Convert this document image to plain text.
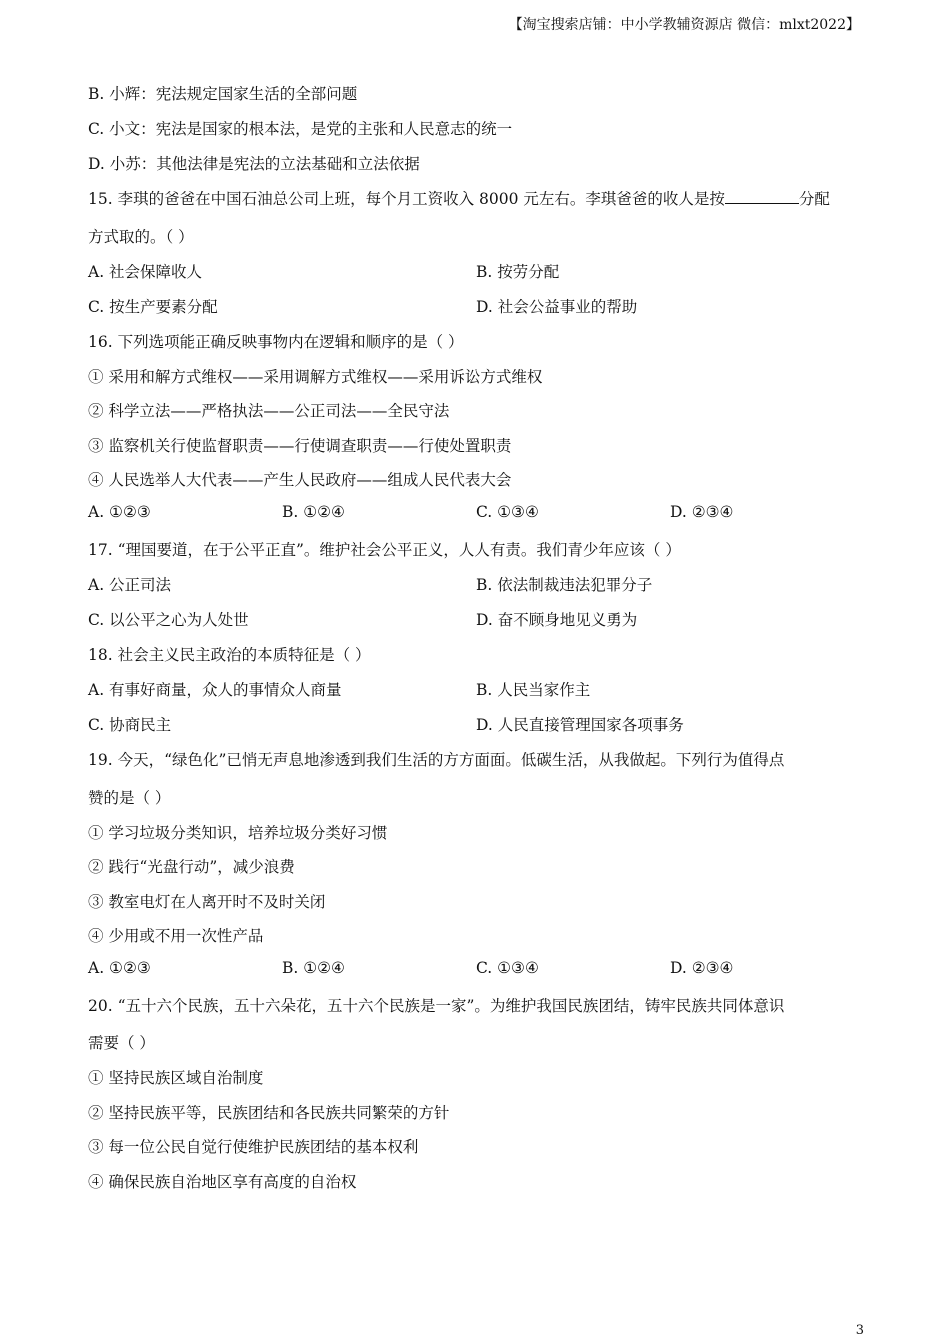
【淘宝搜索店铺：中小学教辅资源店 微信：mlxt2022】
B. 小辉：宪法规定国家生活的全部问题
C. 小文：宪法是国家的根本法，是党的主张和人民意志的统一
D. 小苏：其他法律是宪法的立法基础和立法依据
15. 李琪的爸爸在中国石油总公司上班，每个月工资收入 8000 元左右。李琪爸爸的收人是按	分配
方式取的。（ ）
A. 社会保障收人	B. 按劳分配
C. 按生产要素分配	D. 社会公益事业的帮助
16. 下列选项能正确反映事物内在逻辑和顺序的是（ ）
① 采用和解方式维权——采用调解方式维权——采用诉讼方式维权
② 科学立法——严格执法——公正司法——全民守法
③ 监察机关行使监督职责——行使调查职责——行使处置职责
④ 人民选举人大代表——产生人民政府——组成人民代表大会
A. ①②③	B. ①②④	C. ①③④	D. ②③④
17. “理国要道，在于公平正直”。维护社会公平正义，人人有责。我们青少年应该（ ）
A. 公正司法	B. 依法制裁违法犯罪分子
C. 以公平之心为人处世	D. 奋不顾身地见义勇为
18. 社会主义民主政治的本质特征是（ ）
A. 有事好商量，众人的事情众人商量	B. 人民当家作主
C. 协商民主	D. 人民直接管理国家各项事务
19. 今天，“绿色化”已悄无声息地渗透到我们生活的方方面面。低碳生活，从我做起。下列行为值得点
赞的是（ ）
① 学习垃圾分类知识，培养垃圾分类好习惯
② 践行“光盘行动”，减少浪费
③ 教室电灯在人离开时不及时关闭
④ 少用或不用一次性产品
A. ①②③	B. ①②④	C. ①③④	D. ②③④
20. “五十六个民族，五十六朵花，五十六个民族是一家”。为维护我国民族团结，铸牢民族共同体意识
需要（ ）
① 坚持民族区域自治制度
② 坚持民族平等，民族团结和各民族共同繁荣的方针
③ 每一位公民自觉行使维护民族团结的基本权利
④ 确保民族自治地区享有高度的自治权
3
